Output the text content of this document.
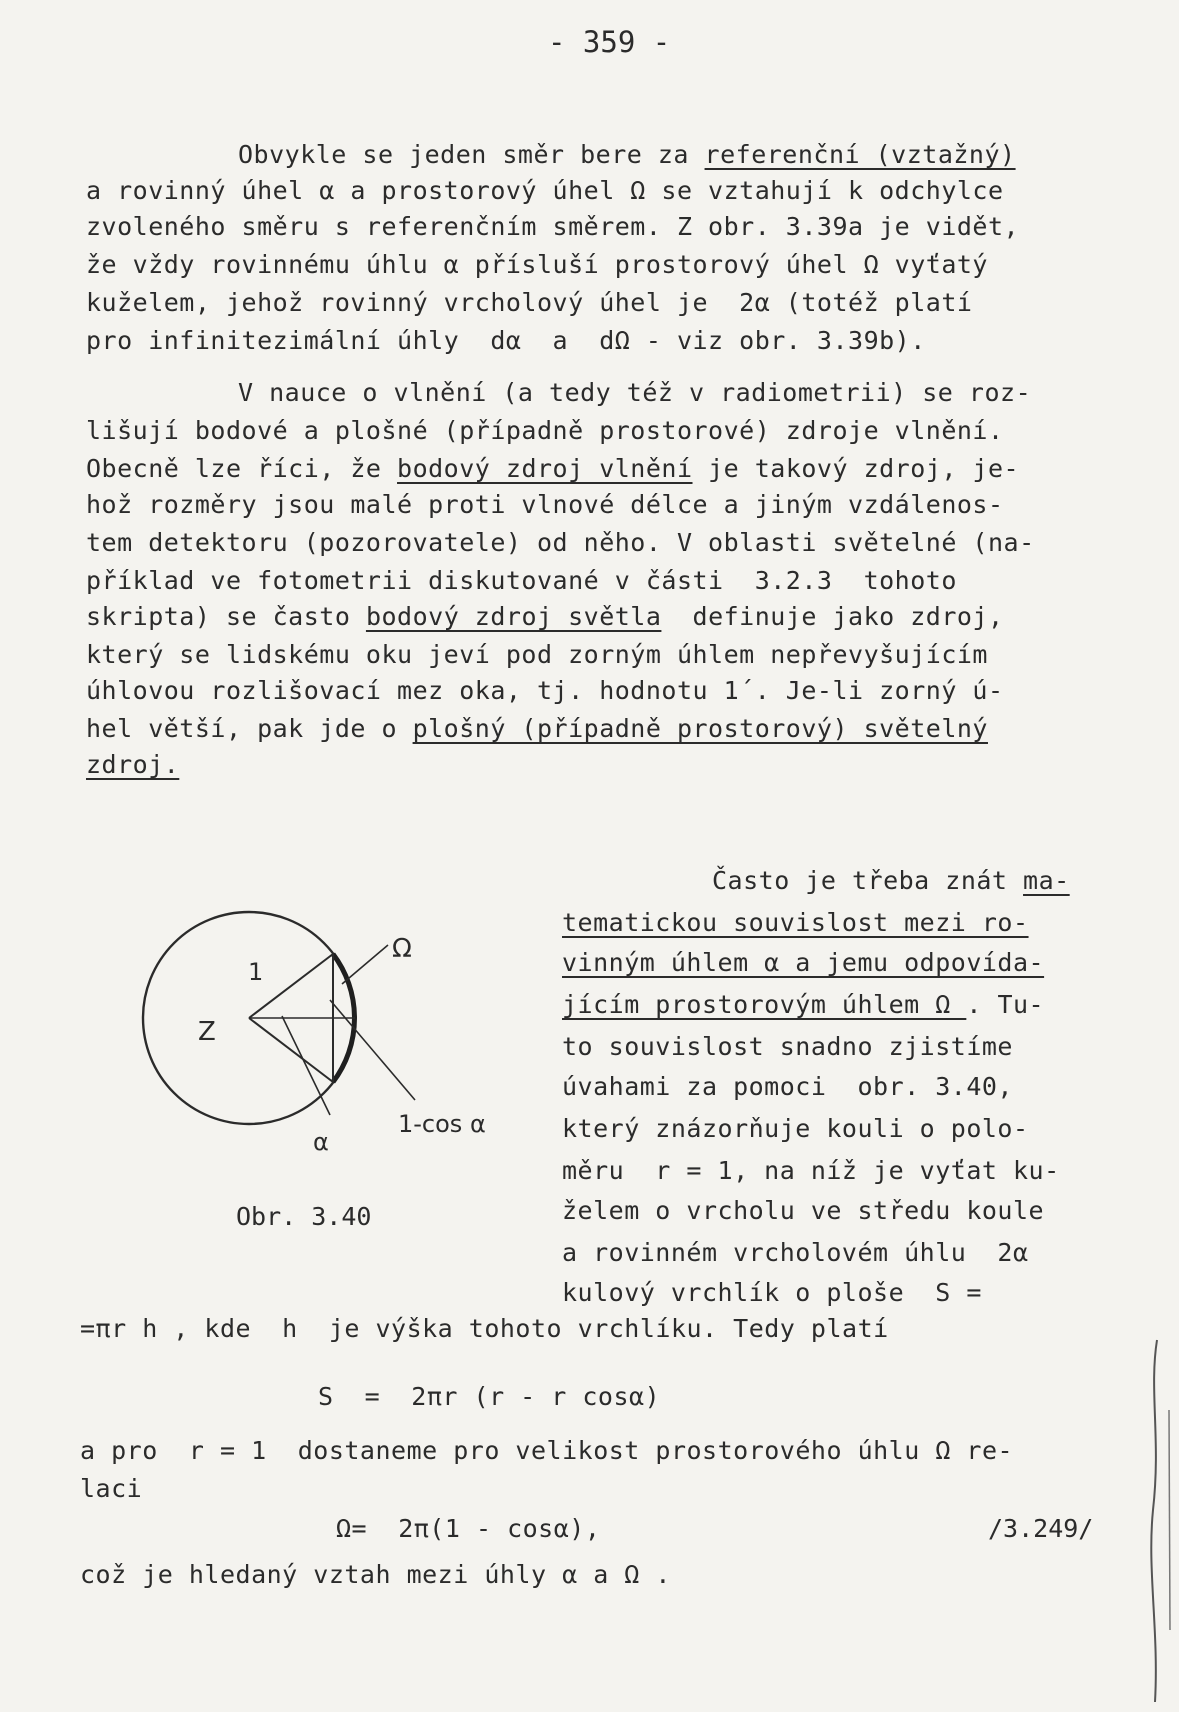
- 359 -
Obvykle se jeden směr bere za referenční (vztažný)
a rovinný úhel α a prostorový úhel Ω se vztahují k odchylce
zvoleného směru s referenčním směrem. Z obr. 3.39a je vidět,
že vždy rovinnému úhlu α přísluší prostorový úhel Ω vyťatý
kuželem, jehož rovinný vrcholový úhel je  2α (totéž platí
pro infinitezimální úhly  dα  a  dΩ - viz obr. 3.39b).
V nauce o vlnění (a tedy též v radiometrii) se roz-
lišují bodové a plošné (případně prostorové) zdroje vlnění.
Obecně lze říci, že bodový zdroj vlnění je takový zdroj, je-
hož rozměry jsou malé proti vlnové délce a jiným vzdálenos-
tem detektoru (pozorovatele) od něho. V oblasti světelné (na-
příklad ve fotometrii diskutované v části  3.2.3  tohoto
skripta) se často bodový zdroj světla  definuje jako zdroj,
který se lidskému oku jeví pod zorným úhlem nepřevyšujícím
úhlovou rozlišovací mez oka, tj. hodnotu 1´. Je-li zorný ú-
hel větší, pak jde o plošný (případně prostorový) světelný
zdroj.
Často je třeba znát ma-
tematickou souvislost mezi ro-
vinným úhlem α a jemu odpovída-
jícím prostorovým úhlem Ω . Tu-
to souvislost snadno zjistíme
úvahami za pomoci  obr. 3.40,
který znázorňuje kouli o polo-
měru  r = 1, na níž je vyťat ku-
želem o vrcholu ve středu koule
a rovinném vrcholovém úhlu  2α
kulový vrchlík o ploše  S =
1
Z
Ω
1-cos α
α
Obr. 3.40
=πr h , kde  h  je výška tohoto vrchlíku. Tedy platí
S  =  2πr (r - r cosα)
a pro  r = 1  dostaneme pro velikost prostorového úhlu Ω re-
laci
Ω=  2π(1 - cosα),	/3.249/
což je hledaný vztah mezi úhly α a Ω .
